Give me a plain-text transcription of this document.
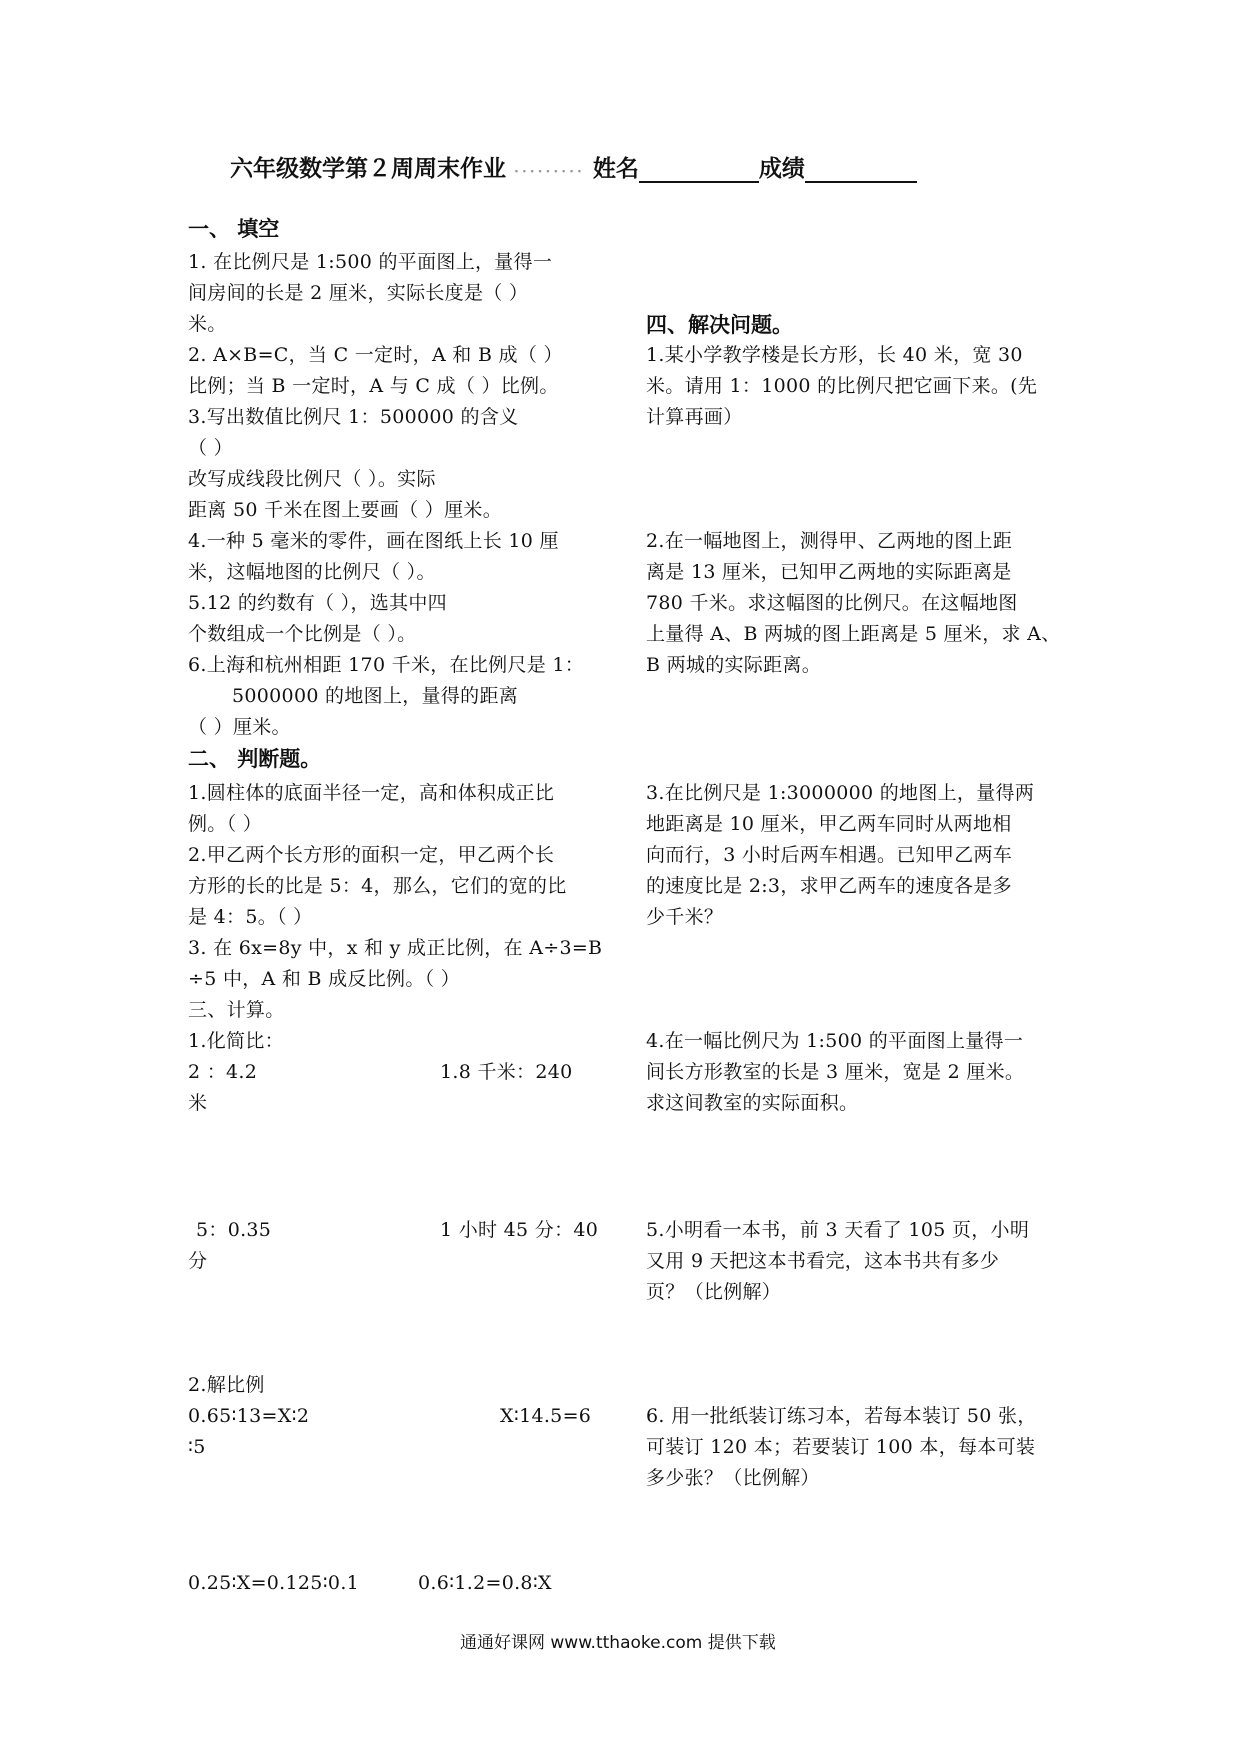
六年级数学第２周周末作业 ········· 姓名	成绩
一、 填空
1. 在比例尺是 1:500 的平面图上，量得一
间房间的长是 2 厘米，实际长度是（ ）
米。
2. A×B=C，当 C 一定时，A 和 B 成（ ）
比例；当 B 一定时，A 与 C 成（ ）比例。
3.写出数值比例尺 1：500000 的含义
（ ）
改写成线段比例尺（ ）。实际
距离 50 千米在图上要画（ ）厘米。
4.一种 5 毫米的零件，画在图纸上长 10 厘
米，这幅地图的比例尺（ ）。
5.12 的约数有（ ），选其中四
个数组成一个比例是（ ）。
6.上海和杭州相距 170 千米，在比例尺是 1：
5000000 的地图上，量得的距离
（ ）厘米。
二、 判断题。
1.圆柱体的底面半径一定，高和体积成正比
例。（ ）
2.甲乙两个长方形的面积一定，甲乙两个长
方形的长的比是 5：4，那么，它们的宽的比
是 4：5。（ ）
3. 在 6x=8y 中，x 和 y 成正比例，在 A÷3=B
÷5 中，A 和 B 成反比例。（ ）
三、计算。
1.化简比：
2 ：4.2	1.8 千米：240
米
5：0.35	1 小时 45 分：40
分
2.解比例
0.65∶13=X∶2	X∶14.5=6
∶5
0.25∶X=0.125∶0.1	0.6∶1.2=0.8∶X
四、解决问题。
1.某小学教学楼是长方形，长 40 米，宽 30
米。请用 1：1000 的比例尺把它画下来。(先
计算再画）
2.在一幅地图上，测得甲、乙两地的图上距
离是 13 厘米，已知甲乙两地的实际距离是
780 千米。求这幅图的比例尺。在这幅地图
上量得 A、B 两城的图上距离是 5 厘米，求 A、
B 两城的实际距离。
3.在比例尺是 1:3000000 的地图上，量得两
地距离是 10 厘米，甲乙两车同时从两地相
向而行，3 小时后两车相遇。已知甲乙两车
的速度比是 2:3，求甲乙两车的速度各是多
少千米？
4.在一幅比例尺为 1:500 的平面图上量得一
间长方形教室的长是 3 厘米，宽是 2 厘米。
求这间教室的实际面积。
5.小明看一本书，前 3 天看了 105 页，小明
又用 9 天把这本书看完，这本书共有多少
页？（比例解）
6. 用一批纸装订练习本，若每本装订 50 张，
可装订 120 本；若要装订 100 本，每本可装
多少张？（比例解）
通通好课网 www.tthaoke.com 提供下载
